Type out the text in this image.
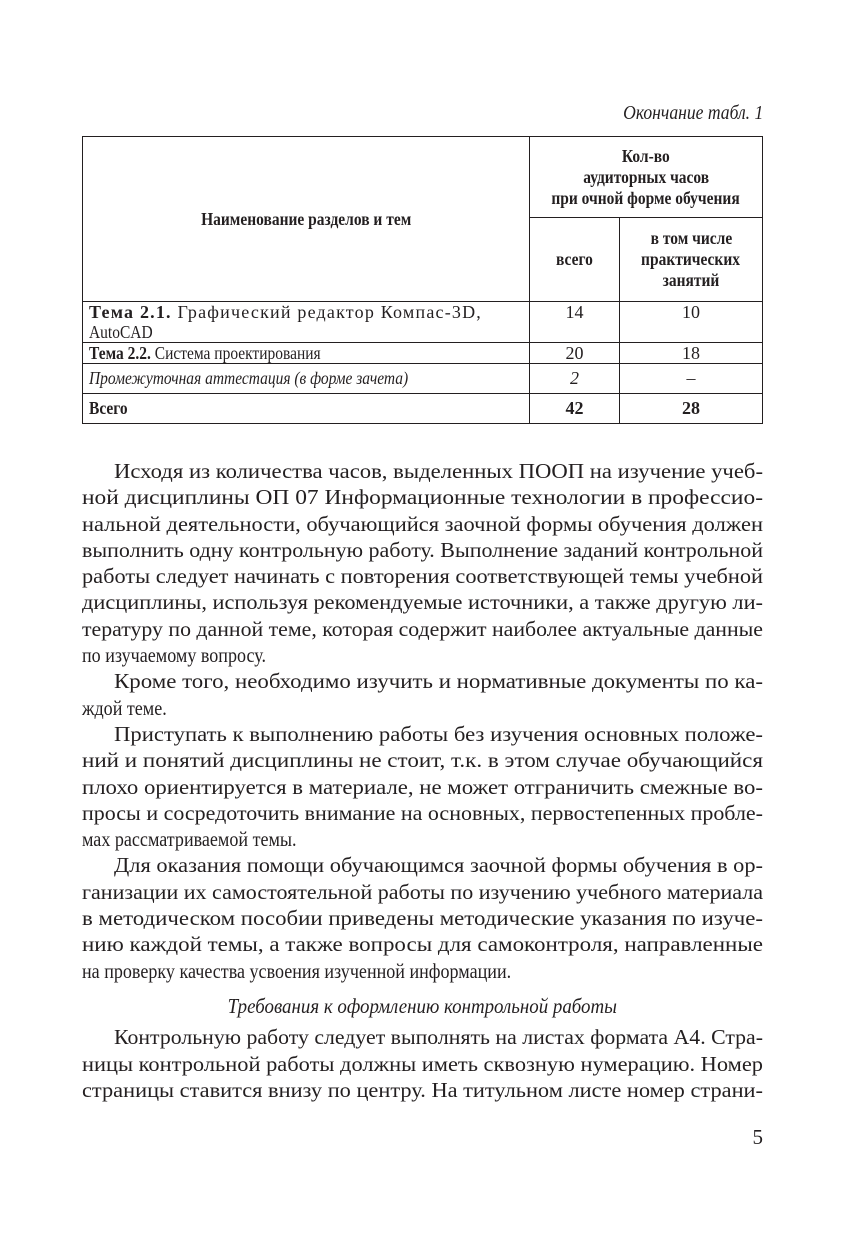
Окончание табл. 1
Наименование разделов и тем	Кол-во
аудиторных часов
при очной форме обучения	
	всего	в том числе
практических
занятий
Тема 2.1. Графический редактор Компас-3D,
AutoCAD	14	10
Тема 2.2. Система проектирования	20	18
Промежуточная аттестация (в форме зачета)	2	–
Всего	42	28
Исходя из количества часов, выделенных ПООП на изучение учеб-
ной дисциплины ОП 07 Информационные технологии в профессио-
нальной деятельности, обучающийся заочной формы обучения должен
выполнить одну контрольную работу. Выполнение заданий контрольной
работы следует начинать с повторения соответствующей темы учебной
дисциплины, используя рекомендуемые источники, а также другую ли-
тературу по данной теме, которая содержит наиболее актуальные данные
по изучаемому вопросу.
Кроме того, необходимо изучить и нормативные документы по ка-
ждой теме.
Приступать к выполнению работы без изучения основных положе-
ний и понятий дисциплины не стоит, т.к. в этом случае обучающийся
плохо ориентируется в материале, не может отграничить смежные во-
просы и сосредоточить внимание на основных, первостепенных пробле-
мах рассматриваемой темы.
Для оказания помощи обучающимся заочной формы обучения в ор-
ганизации их самостоятельной работы по изучению учебного материала
в методическом пособии приведены методические указания по изуче-
нию каждой темы, а также вопросы для самоконтроля, направленные
на проверку качества усвоения изученной информации.
Требования к оформлению контрольной работы
Контрольную работу следует выполнять на листах формата А4. Стра-
ницы контрольной работы должны иметь сквозную нумерацию. Номер
страницы ставится внизу по центру. На титульном листе номер страни-
5
